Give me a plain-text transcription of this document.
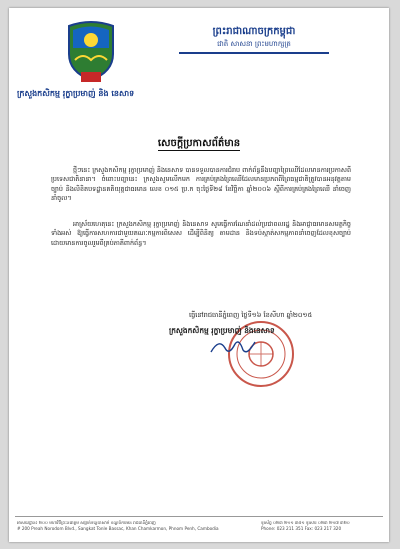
ក្រសួងកសិកម្ម រុក្ខាប្រមាញ់ និង នេសាទ
ព្រះរាជាណាចក្រកម្ពុជា
ជាតិ សាសនា ព្រះមហាក្សត្រ
សេចក្ដីប្រកាសព័ត៌មាន
ថ្មីៗនេះ ក្រសួងកសិកម្ម រុក្ខាប្រមាញ់ និងនេសាទ បានទទួលបានការជំរាប ពាក់ព័ន្ធនឹងបញ្ហាព្រៃឈើដែលមានការប្រកាសពីប្រទេសជាតិនានា។ ចំពោះបញ្ហានេះ ក្រសួងសូមលើកមក ការគ្រប់គ្រងព្រៃឈើដែលមានប្រភពពីព្រៃធម្មជាតិត្រូវបានអនុវត្តតាមច្បាប់ និងលិខិតបទដ្ឋានគតិយុត្តជាធរមាន លេខ ០១៥ ប្រ.ក ចុះថ្ងៃទី២៨ ខែវិច្ឆិកា ឆ្នាំ២០០៦ ស្ដីពីការគ្រប់គ្រងព្រៃឈើ នាំចេញ នាំចូល។
អាស្រ័យហេតុនេះ ក្រសួងកសិកម្ម រុក្ខាប្រមាញ់ និងនេសាទ សូមធ្វើការណែនាំដល់ប្រជាពលរដ្ឋ និងអាជ្ញាធរមានសមត្ថកិច្ចទាំងអស់ ឱ្យធ្វើការសហការជាមួយគណៈកម្មការពិសេស ដើម្បីពិនិត្យ តាមដាន និងទប់ស្កាត់សកម្មភាពនាំចេញដែលខុសច្បាប់ ដោយមានការចូលរួមពីគ្រប់ភាគីពាក់ព័ន្ធ។
ធ្វើនៅរាជធានីភ្នំពេញ ថ្ងៃទី១៦ ខែសីហា ឆ្នាំ២០១៥
ក្រសួងកសិកម្ម រុក្ខាប្រមាញ់ និងនេសាទ
អាសយដ្ឋាន៖ ២០០ មហាវិថីព្រះនរោត្តម សង្កាត់ទន្លេបាសាក់ ខណ្ឌចំការមន រាជធានីភ្នំពេញ
# 200 Preah Norodom Blvd., Sangkat Tonle Bassac, Khan Chamkarmon, Phnom Penh, Cambodia
ទូរស័ព្ទ ០២៣ ២១១ ៣៥១ ទូរសារ ០២៣ ២១៧ ៣២០
Phone: 023 211 351 Fax: 023 217 320
